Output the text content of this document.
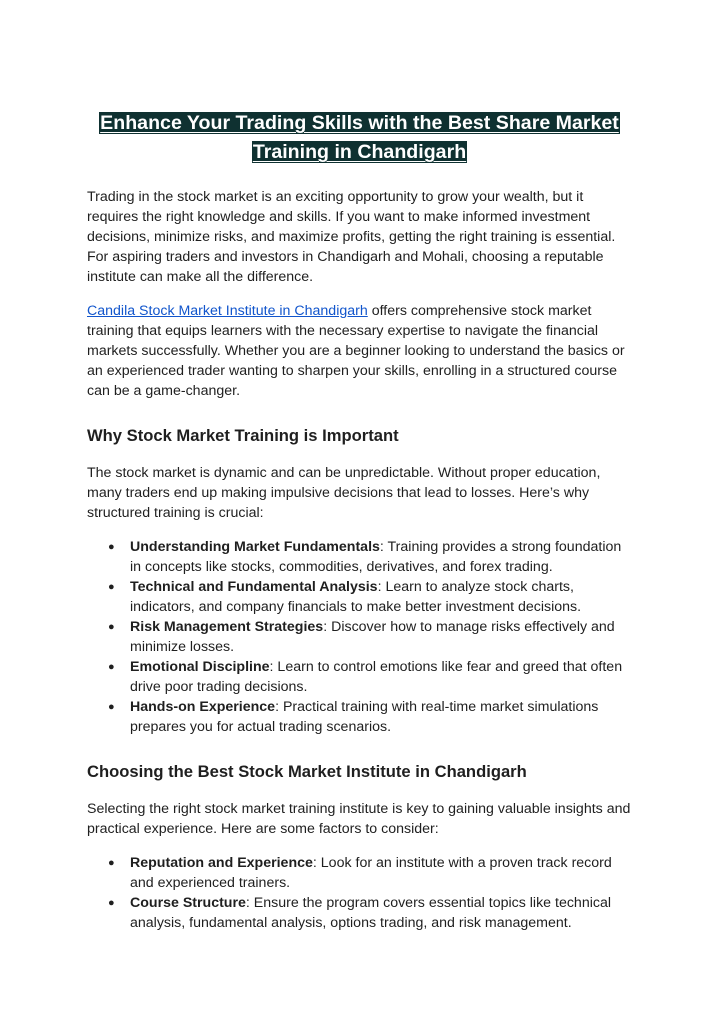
Enhance Your Trading Skills with the Best Share Market
Training in Chandigarh

Trading in the stock market is an exciting opportunity to grow your wealth, but it requires the right knowledge and skills. If you want to make informed investment decisions, minimize risks, and maximize profits, getting the right training is essential. For aspiring traders and investors in Chandigarh and Mohali, choosing a reputable institute can make all the difference.

Candila Stock Market Institute in Chandigarh offers comprehensive stock market training that equips learners with the necessary expertise to navigate the financial markets successfully. Whether you are a beginner looking to understand the basics or an experienced trader wanting to sharpen your skills, enrolling in a structured course can be a game-changer.

Why Stock Market Training is Important

The stock market is dynamic and can be unpredictable. Without proper education, many traders end up making impulsive decisions that lead to losses. Here’s why structured training is crucial:

● Understanding Market Fundamentals: Training provides a strong foundation in concepts like stocks, commodities, derivatives, and forex trading.
● Technical and Fundamental Analysis: Learn to analyze stock charts, indicators, and company financials to make better investment decisions.
● Risk Management Strategies: Discover how to manage risks effectively and minimize losses.
● Emotional Discipline: Learn to control emotions like fear and greed that often drive poor trading decisions.
● Hands-on Experience: Practical training with real-time market simulations prepares you for actual trading scenarios.
Choosing the Best Stock Market Institute in Chandigarh

Selecting the right stock market training institute is key to gaining valuable insights and practical experience. Here are some factors to consider:

● Reputation and Experience: Look for an institute with a proven track record and experienced trainers.
● Course Structure: Ensure the program covers essential topics like technical analysis, fundamental analysis, options trading, and risk management.
